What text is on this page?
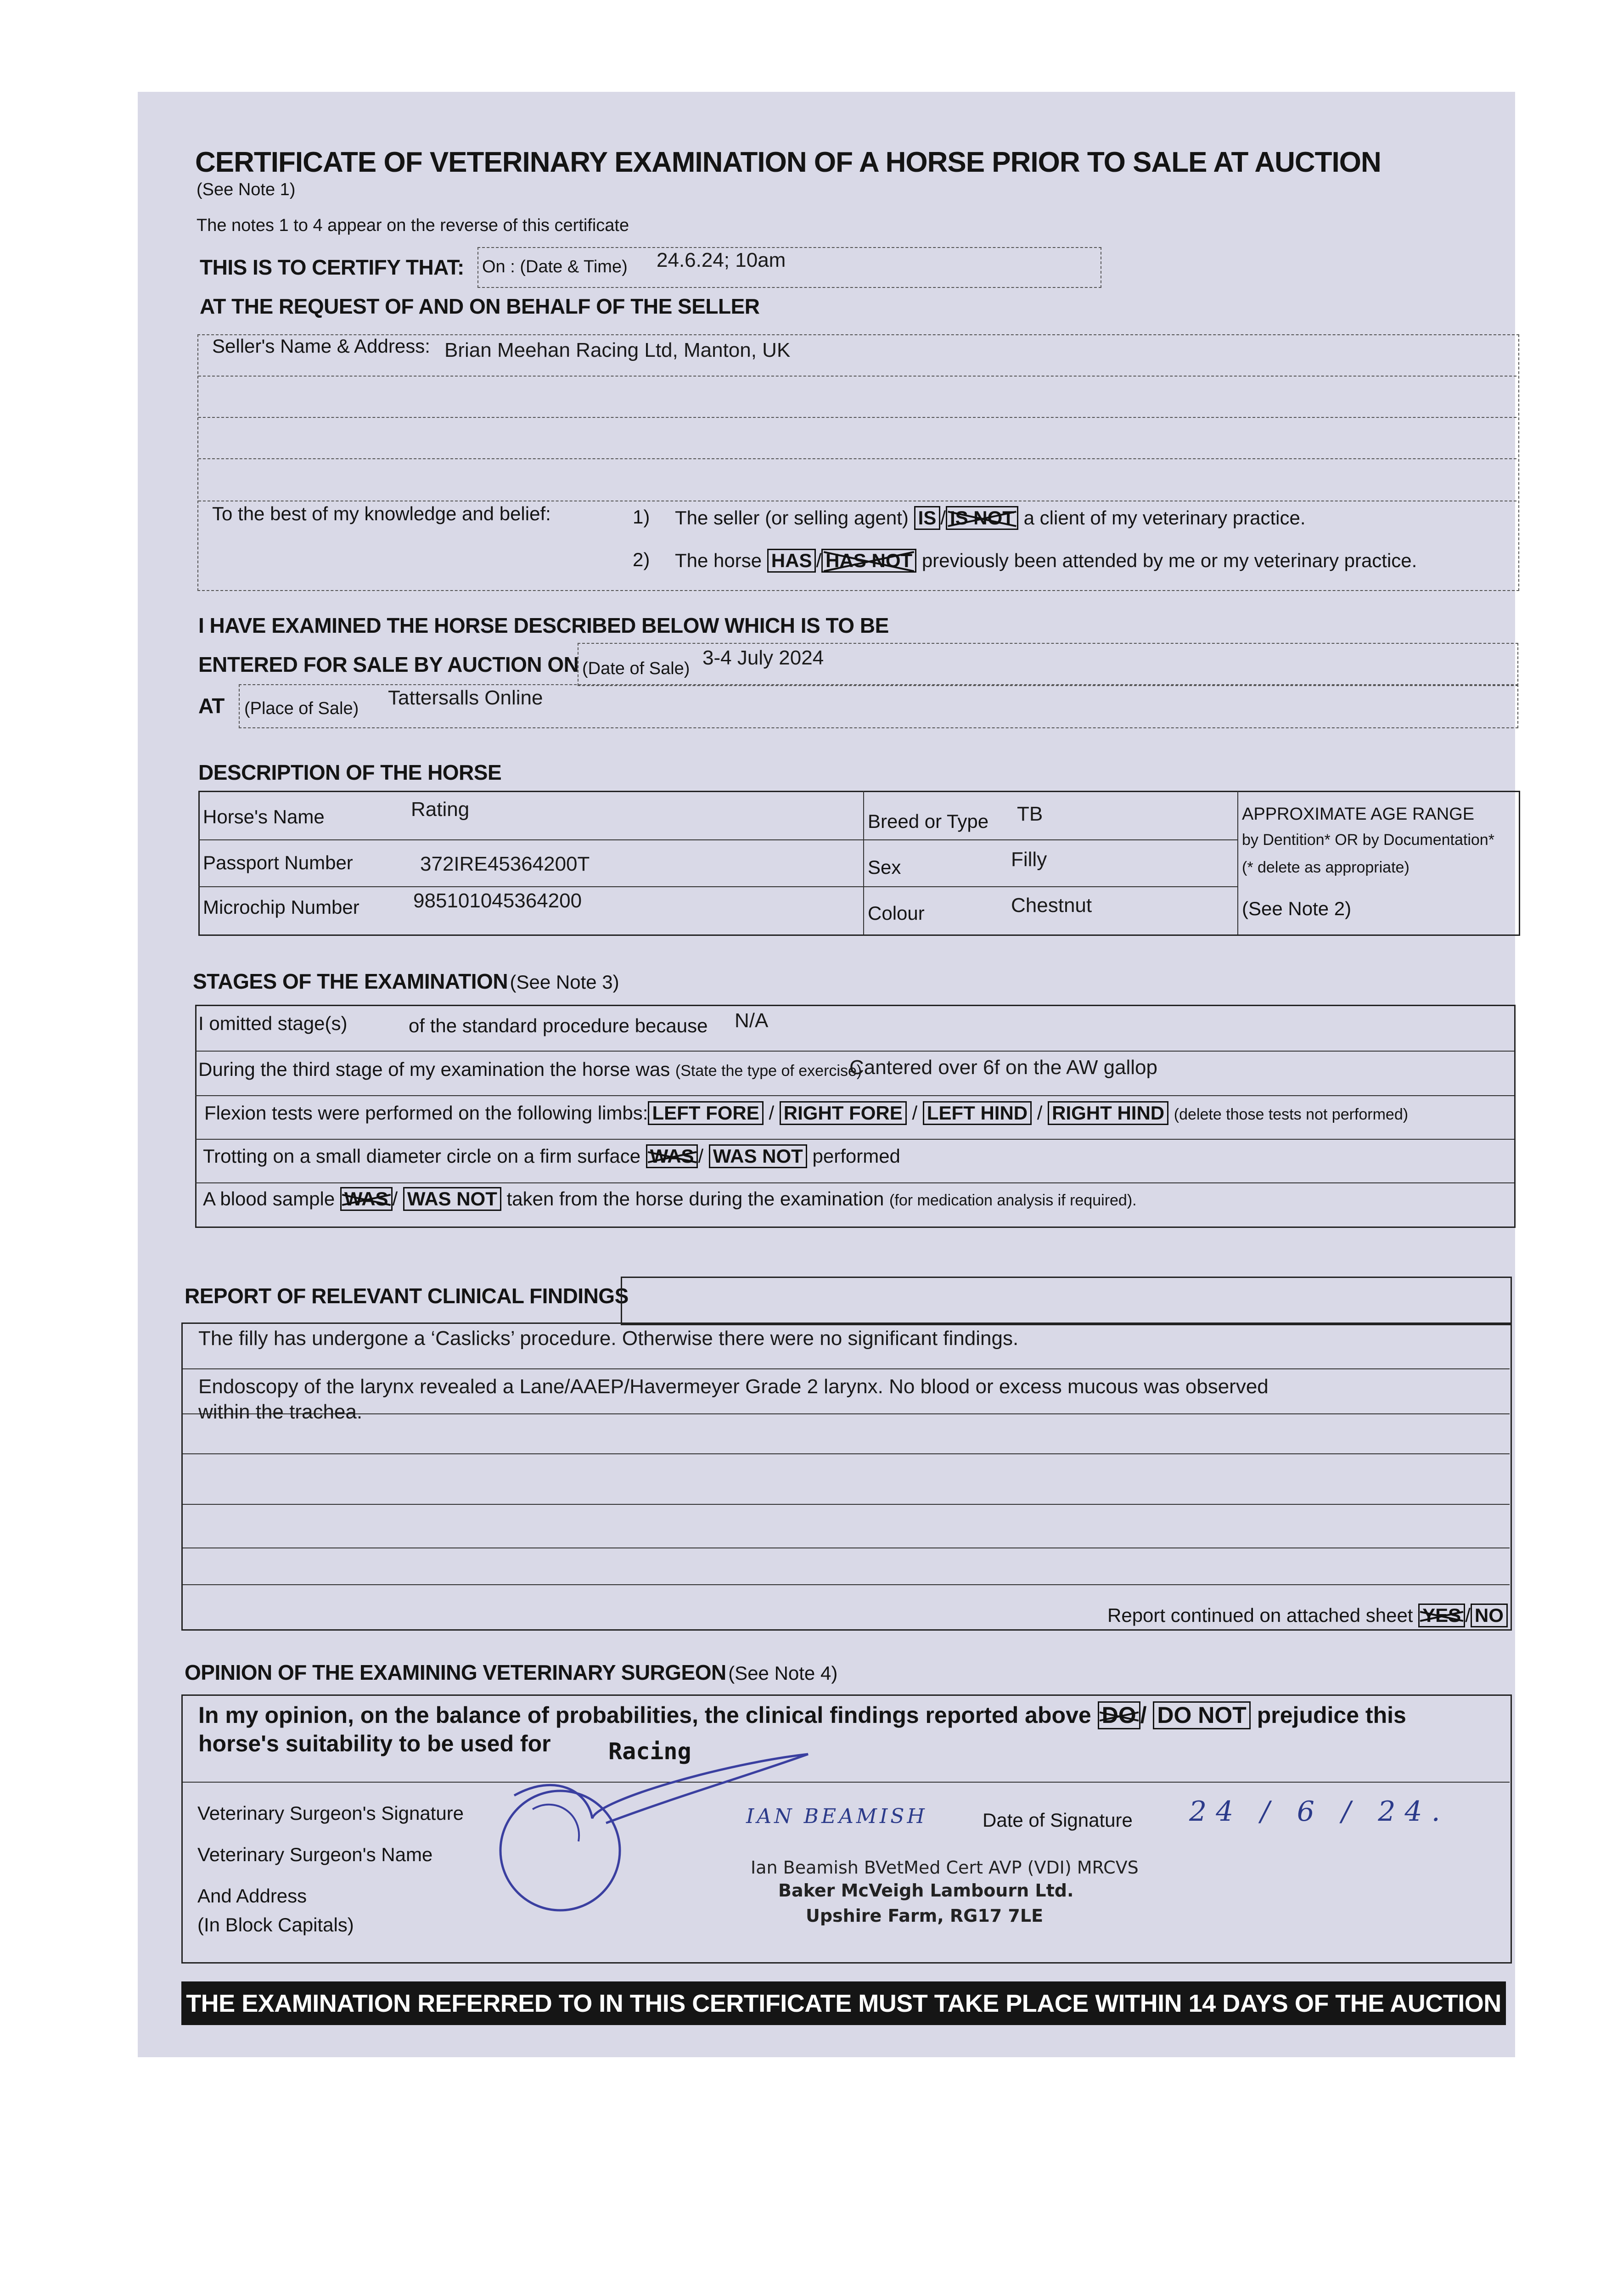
CERTIFICATE OF VETERINARY EXAMINATION OF A HORSE PRIOR TO SALE AT AUCTION
(See Note 1)
The notes 1 to 4 appear on the reverse of this certificate
THIS IS TO CERTIFY THAT: On : (Date & Time) 24.6.24; 10am
AT THE REQUEST OF AND ON BEHALF OF THE SELLER
Seller's Name & Address: Brian Meehan Racing Ltd, Manton, UK
To the best of my knowledge and belief:	1) The seller (or selling agent) IS / IS NOT a client of my veterinary practice.
2) The horse HAS / HAS NOT previously been attended by me or my veterinary practice.
I HAVE EXAMINED THE HORSE DESCRIBED BELOW WHICH IS TO BE
ENTERED FOR SALE BY AUCTION ON (Date of Sale) 3-4 July 2024
AT (Place of Sale) Tattersalls Online
DESCRIPTION OF THE HORSE
Horse's Name	Rating
Passport Number	372IRE45364200T
Microchip Number	985101045364200
Breed or Type TB
Sex	Filly
Colour	Chestnut
APPROXIMATE AGE RANGE
by Dentition* OR by Documentation*
(* delete as appropriate)
(See Note 2)
STAGES OF THE EXAMINATION (See Note 3)
I omitted stage(s)	of the standard procedure because N/A
During the third stage of my examination the horse was (State the type of exercise)
Cantered over 6f on the AW gallop
Flexion tests were performed on the following limbs: LEFT FORE / RIGHT FORE / LEFT HIND / RIGHT HIND (delete those tests not performed)
Trotting on a small diameter circle on a firm surface WAS / WAS NOT performed
A blood sample WAS / WAS NOT taken from the horse during the examination (for medication analysis if required).
REPORT OF RELEVANT CLINICAL FINDINGS
The filly has undergone a ‘Caslicks’ procedure. Otherwise there were no significant findings.
Endoscopy of the larynx revealed a Lane/AAEP/Havermeyer Grade 2 larynx. No blood or excess mucous was observed
within the trachea.
Report continued on attached sheet YES / NO
OPINION OF THE EXAMINING VETERINARY SURGEON (See Note 4)
In my opinion, on the balance of probabilities, the clinical findings reported above DO / DO NOT prejudice this
horse's suitability to be used for	Racing
Veterinary Surgeon's Signature
Veterinary Surgeon's Name
And Address
(In Block Capitals)
IAN BEAMISH	Date of Signature 24 / 6 / 24.
Ian Beamish BVetMed Cert AVP (VDI) MRCVS
Baker McVeigh Lambourn Ltd.
Upshire Farm, RG17 7LE
THE EXAMINATION REFERRED TO IN THIS CERTIFICATE MUST TAKE PLACE WITHIN 14 DAYS OF THE AUCTION
